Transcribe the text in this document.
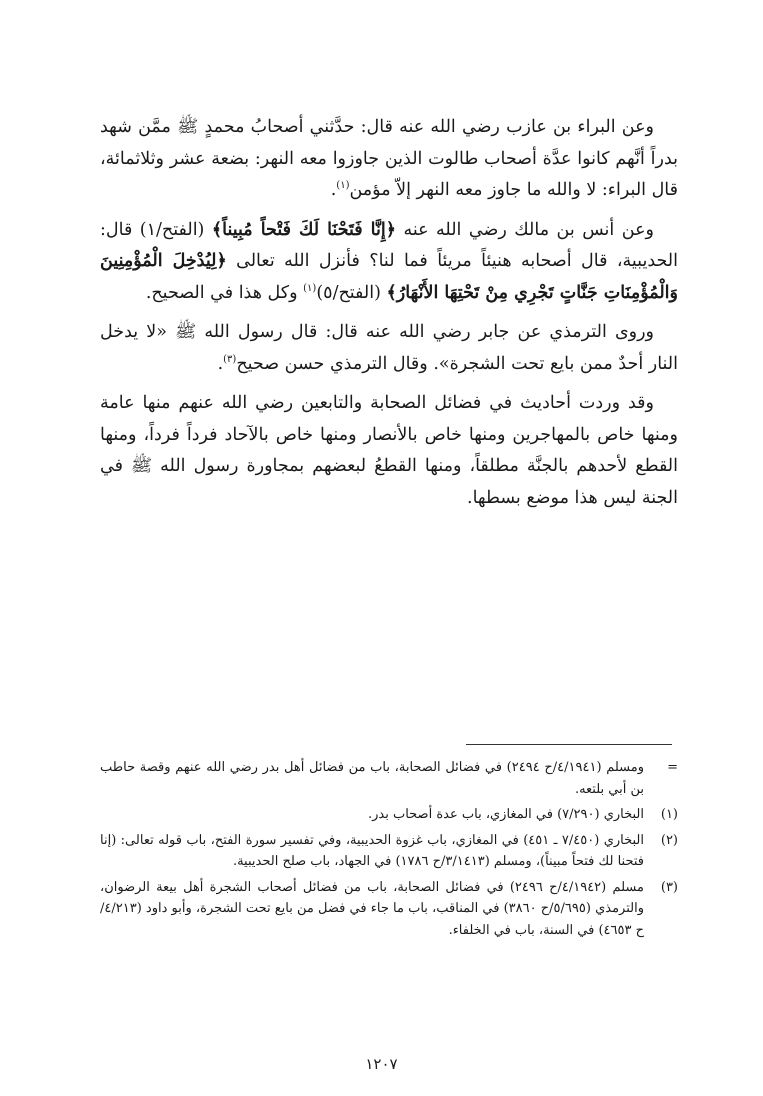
وعن البراء بن عازب رضي الله عنه قال: حدَّثني أصحابُ محمدٍ ﷺ ممَّن شهد بدراً أنَّهم كانوا عدَّة أصحاب طالوت الذين جاوزوا معه النهر: بضعة عشر وثلاثمائة، قال البراء: لا والله ما جاوز معه النهر إلاّ مؤمن$^{(١)}$.

وعن أنس بن مالك رضي الله عنه ﴿إِنَّا فَتَحْنَا لَكَ فَتْحاً مُبِيناً﴾ (الفتح/١) قال: الحديبية، قال أصحابه هنيئاً مريئاً فما لنا؟ فأنزل الله تعالى ﴿لِيُدْخِلَ الْمُؤْمِنِينَ وَالْمُؤْمِنَاتِ جَنَّاتٍ تَجْرِي مِنْ تَحْتِهَا الأَنْهَارُ﴾ (الفتح/٥)$^{(١)}$ وكل هذا في الصحيح.

وروى الترمذي عن جابر رضي الله عنه قال: قال رسول الله ﷺ «لا يدخل النار أحدٌ ممن بايع تحت الشجرة». وقال الترمذي حسن صحيح$^{(٣)}$.

وقد وردت أحاديث في فضائل الصحابة والتابعين رضي الله عنهم منها عامة ومنها خاص بالمهاجرين ومنها خاص بالأنصار ومنها خاص بالآحاد فرداً فرداً، ومنها القطع لأحدهم بالجنَّة مطلقاً، ومنها القطعُ لبعضهم بمجاورة رسول الله ﷺ في الجنة ليس هذا موضع بسطها.

=
ومسلم (٤/١٩٤١/ح ٢٤٩٤) في فضائل الصحابة، باب من فضائل أهل بدر رضي الله عنهم وقصة حاطب بن أبي بلتعه.
(١)
البخاري (٧/٢٩٠) في المغازي، باب عدة أصحاب بدر.
(٢)
البخاري (٧/٤٥٠ ـ ٤٥١) في المغازي، باب غزوة الحديبية، وفي تفسير سورة الفتح، باب قوله تعالى: (إنا فتحنا لك فتحاً مبيناً)، ومسلم (٣/١٤١٣/ح ١٧٨٦) في الجهاد، باب صلح الحديبية.
(٣)
مسلم (٤/١٩٤٢/ح ٢٤٩٦) في فضائل الصحابة، باب من فضائل أصحاب الشجرة أهل بيعة الرضوان، والترمذي (٥/٦٩٥/ح ٣٨٦٠) في المناقب، باب ما جاء في فضل من بايع تحت الشجرة، وأبو داود (٤/٢١٣/ح ٤٦٥٣) في السنة، باب في الخلفاء.
١٢٠٧
